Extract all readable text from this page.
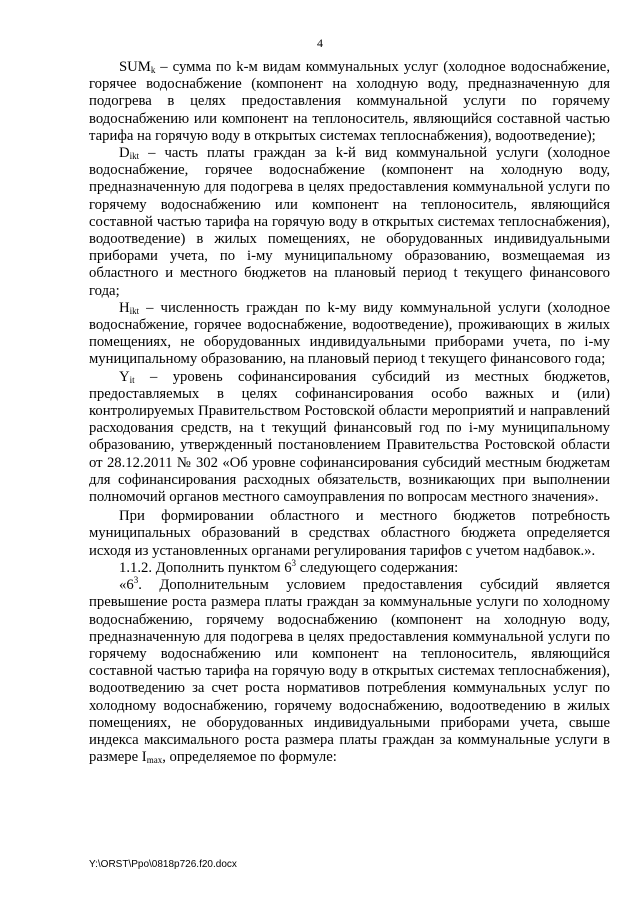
4

$SUM_k$ – сумма по k-м видам коммунальных услуг (холодное водоснабжение, горячее водоснабжение (компонент на холодную воду, предназначенную для подогрева в целях предоставления коммунальной услуги по горячему водоснабжению или компонент на теплоноситель, являющийся составной частью тарифа на горячую воду в открытых системах теплоснабжения), водоотведение);

$D_{ikt}$ – часть платы граждан за k-й вид коммунальной услуги (холодное водоснабжение, горячее водоснабжение (компонент на холодную воду, предназначенную для подогрева в целях предоставления коммунальной услуги по горячему водоснабжению или компонент на теплоноситель, являющийся составной частью тарифа на горячую воду в открытых системах теплоснабжения), водоотведение) в жилых помещениях, не оборудованных индивидуальными приборами учета, по i-му муниципальному образованию, возмещаемая из областного и местного бюджетов на плановый период t текущего финансового года;

$H_{ikt}$ – численность граждан по k-му виду коммунальной услуги (холодное водоснабжение, горячее водоснабжение, водоотведение), проживающих в жилых помещениях, не оборудованных индивидуальными приборами учета, по i-му муниципальному образованию, на плановый период t текущего финансового года;

$Y_{it}$ – уровень софинансирования субсидий из местных бюджетов, предоставляемых в целях софинансирования особо важных и (или) контролируемых Правительством Ростовской области мероприятий и направлений расходования средств, на t текущий финансовый год по i-му муниципальному образованию, утвержденный постановлением Правительства Ростовской области от 28.12.2011 № 302 «Об уровне софинансирования субсидий местным бюджетам для софинансирования расходных обязательств, возникающих при выполнении полномочий органов местного самоуправления по вопросам местного значения».

При формировании областного и местного бюджетов потребность муниципальных образований в средствах областного бюджета определяется исходя из установленных органами регулирования тарифов с учетом надбавок.».

1.1.2. Дополнить пунктом $6^3$ следующего содержания:

«$6^3$. Дополнительным условием предоставления субсидий является превышение роста размера платы граждан за коммунальные услуги по холодному водоснабжению, горячему водоснабжению (компонент на холодную воду, предназначенную для подогрева в целях предоставления коммунальной услуги по горячему водоснабжению или компонент на теплоноситель, являющийся составной частью тарифа на горячую воду в открытых системах теплоснабжения), водоотведению за счет роста нормативов потребления коммунальных услуг по холодному водоснабжению, горячему водоснабжению, водоотведению в жилых помещениях, не оборудованных индивидуальными приборами учета, свыше индекса максимального роста размера платы граждан за коммунальные услуги в размере $I_{max}$, определяемое по формуле:

Y:\ORST\Ppo\0818p726.f20.docx
